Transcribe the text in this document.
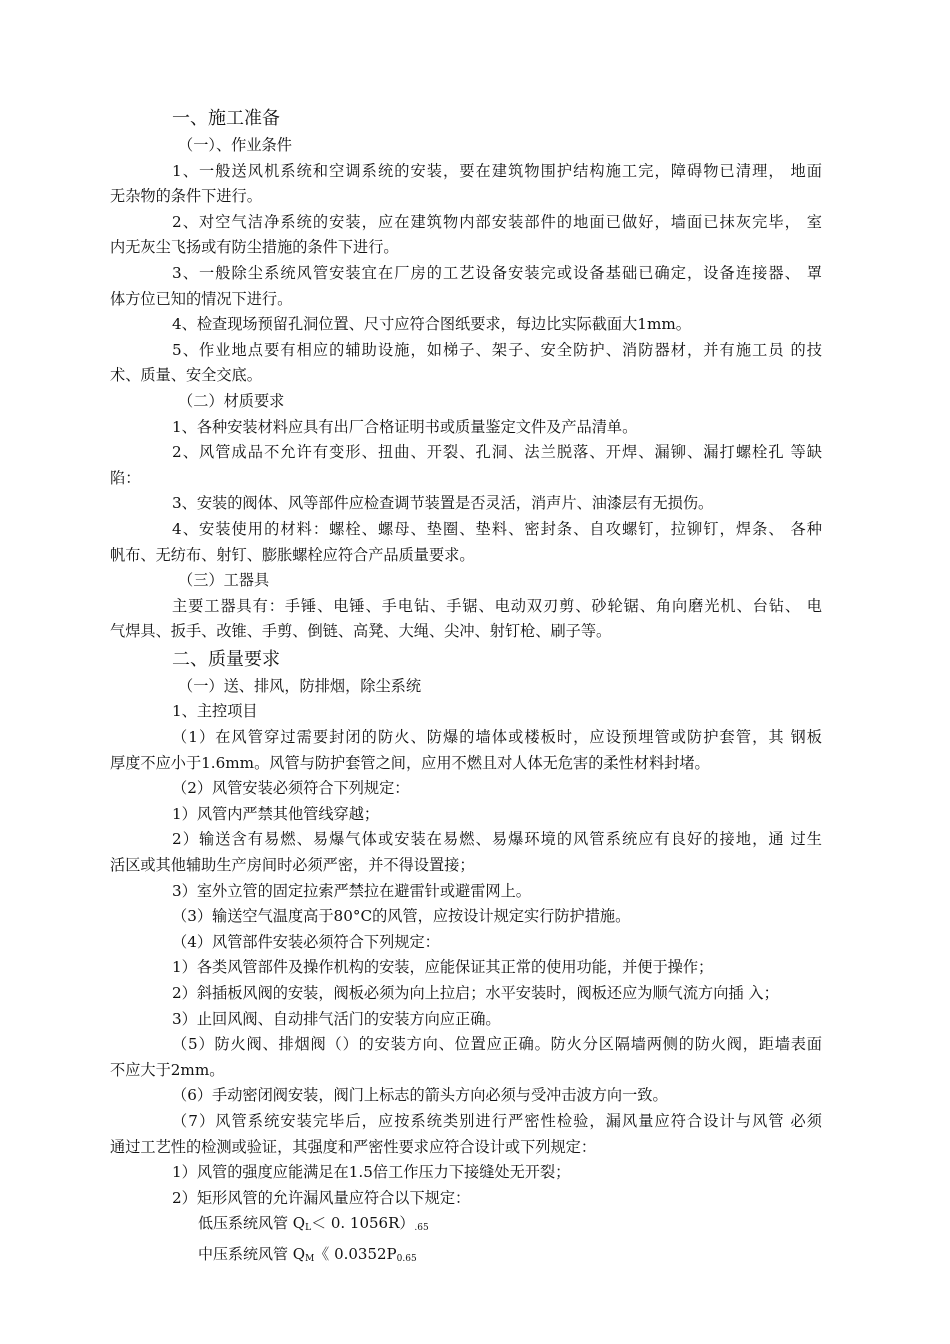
一、施工准备
（一）、作业条件
1、一般送风机系统和空调系统的安装，要在建筑物围护结构施工完，障碍物已清理， 地面
无杂物的条件下进行。
2、对空气洁净系统的安装，应在建筑物内部安装部件的地面已做好，墙面已抹灰完毕， 室
内无灰尘飞扬或有防尘措施的条件下进行。
3、一般除尘系统风管安装宜在厂房的工艺设备安装完或设备基础已确定，设备连接器、 罩
体方位已知的情况下进行。
4、检查现场预留孔洞位置、尺寸应符合图纸要求，每边比实际截面大1mm。
5、作业地点要有相应的辅助设施，如梯子、架子、安全防护、消防器材，并有施工员 的技
术、质量、安全交底。
（二）材质要求
1、各种安装材料应具有出厂合格证明书或质量鉴定文件及产品清单。
2、风管成品不允许有变形、扭曲、开裂、孔洞、法兰脱落、开焊、漏铆、漏打螺栓孔 等缺
陷：
3、安装的阀体、风等部件应检查调节装置是否灵活，消声片、油漆层有无损伤。
4、安装使用的材料：螺栓、螺母、垫圈、垫料、密封条、自攻螺钉，拉铆钉，焊条、 各种
帆布、无纺布、射钉、膨胀螺栓应符合产品质量要求。
（三）工器具
主要工器具有：手锤、电锤、手电钻、手锯、电动双刃剪、砂轮锯、角向磨光机、台钻、 电
气焊具、扳手、改锥、手剪、倒链、高凳、大绳、尖冲、射钉枪、刷子等。
二、质量要求
（一）送、排风，防排烟，除尘系统
1、主控项目
（1）在风管穿过需要封闭的防火、防爆的墙体或楼板时，应设预埋管或防护套管，其 钢板
厚度不应小于1.6mm。风管与防护套管之间，应用不燃且对人体无危害的柔性材料封堵。
（2）风管安装必须符合下列规定：
1）风管内严禁其他管线穿越；
2）输送含有易燃、易爆气体或安装在易燃、易爆环境的风管系统应有良好的接地，通 过生
活区或其他辅助生产房间时必须严密，并不得设置接；
3）室外立管的固定拉索严禁拉在避雷针或避雷网上。
（3）输送空气温度高于80°C的风管，应按设计规定实行防护措施。
（4）风管部件安装必须符合下列规定：
1）各类风管部件及操作机构的安装，应能保证其正常的使用功能，并便于操作；
2）斜插板风阀的安装，阀板必须为向上拉启；水平安装时，阀板还应为顺气流方向插 入；
3）止回风阀、自动排气活门的安装方向应正确。
（5）防火阀、排烟阀（）的安装方向、位置应正确。防火分区隔墙两侧的防火阀，距墙表面
不应大于2mm。
（6）手动密闭阀安装，阀门上标志的箭头方向必须与受冲击波方向一致。
（7）风管系统安装完毕后，应按系统类别进行严密性检验，漏风量应符合设计与风管 必须
通过工艺性的检测或验证，其强度和严密性要求应符合设计或下列规定：
1）风管的强度应能满足在1.5倍工作压力下接缝处无开裂；
2）矩形风管的允许漏风量应符合以下规定：
低压系统风管 $Q_L< 0$. $1056R)_{.65}$
中压系统风管 $Q_M$《 $0.0352P_{0.65}$
